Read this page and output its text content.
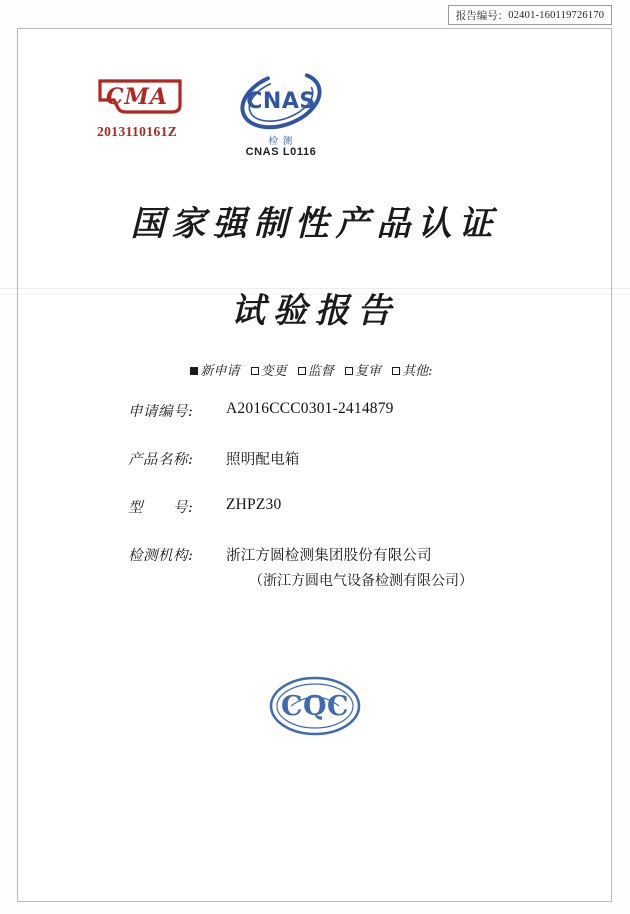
报告编号： 02401-160119726170
CMA
2013110161Z
CNAS
检 测
CNAS L0116
国家强制性产品认证
试验报告
新申请 变更 监督 复审 其他:
申请编号: A2016CCC0301-2414879
产品名称: 照明配电箱
型　　号: ZHPZ30
检测机构: 浙江方圆检测集团股份有限公司
（浙江方圆电气设备检测有限公司）
CQC
